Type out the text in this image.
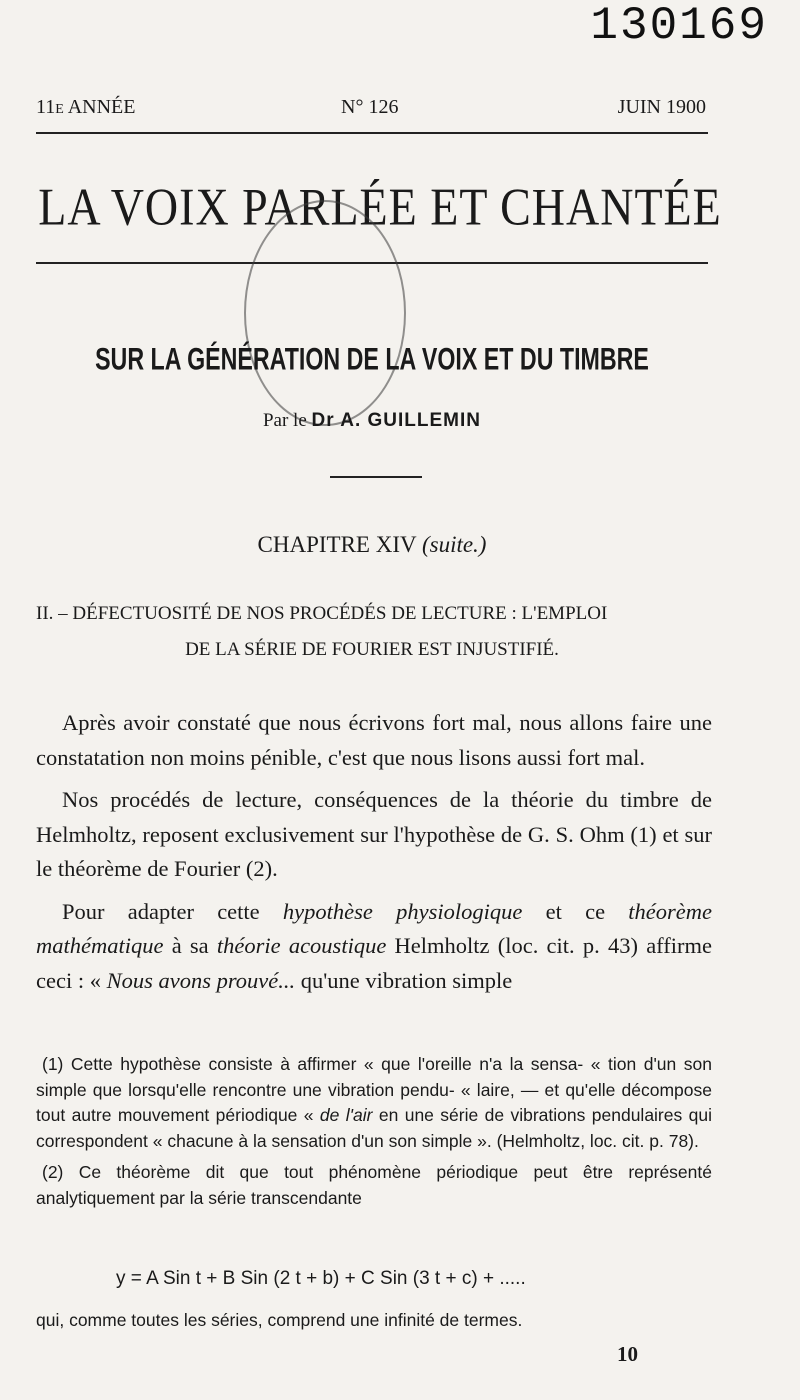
130169
11e ANNÉE	N° 126	JUIN 1900
LA VOIX PARLÉE ET CHANTÉE
SUR LA GÉNÉRATION DE LA VOIX ET DU TIMBRE
Par le Dr A. GUILLEMIN
CHAPITRE XIV (suite.)
II. – DÉFECTUOSITÉ DE NOS PROCÉDÉS DE LECTURE : L'EMPLOI
DE LA SÉRIE DE FOURIER EST INJUSTIFIÉ.

Après avoir constaté que nous écrivons fort mal, nous allons faire une constatation non moins pénible, c'est que nous lisons aussi fort mal.

Nos procédés de lecture, conséquences de la théorie du timbre de Helmholtz, reposent exclusivement sur l'hypothèse de G. S. Ohm (1) et sur le théorème de Fourier (2).

Pour adapter cette hypothèse physiologique et ce théorème mathématique à sa théorie acoustique Helmholtz (loc. cit. p. 43) affirme ceci : « Nous avons prouvé... qu'une vibration simple

(1) Cette hypothèse consiste à affirmer « que l'oreille n'a la sensa- « tion d'un son simple que lorsqu'elle rencontre une vibration pendu- « laire, — et qu'elle décompose tout autre mouvement périodique « de l'air en une série de vibrations pendulaires qui correspondent « chacune à la sensation d'un son simple ». (Helmholtz, loc. cit. p. 78).

(2) Ce théorème dit que tout phénomène périodique peut être représenté analytiquement par la série transcendante

y = A Sin t + B Sin (2 t + b) + C Sin (3 t + c) + .....
qui, comme toutes les séries, comprend une infinité de termes.
10
